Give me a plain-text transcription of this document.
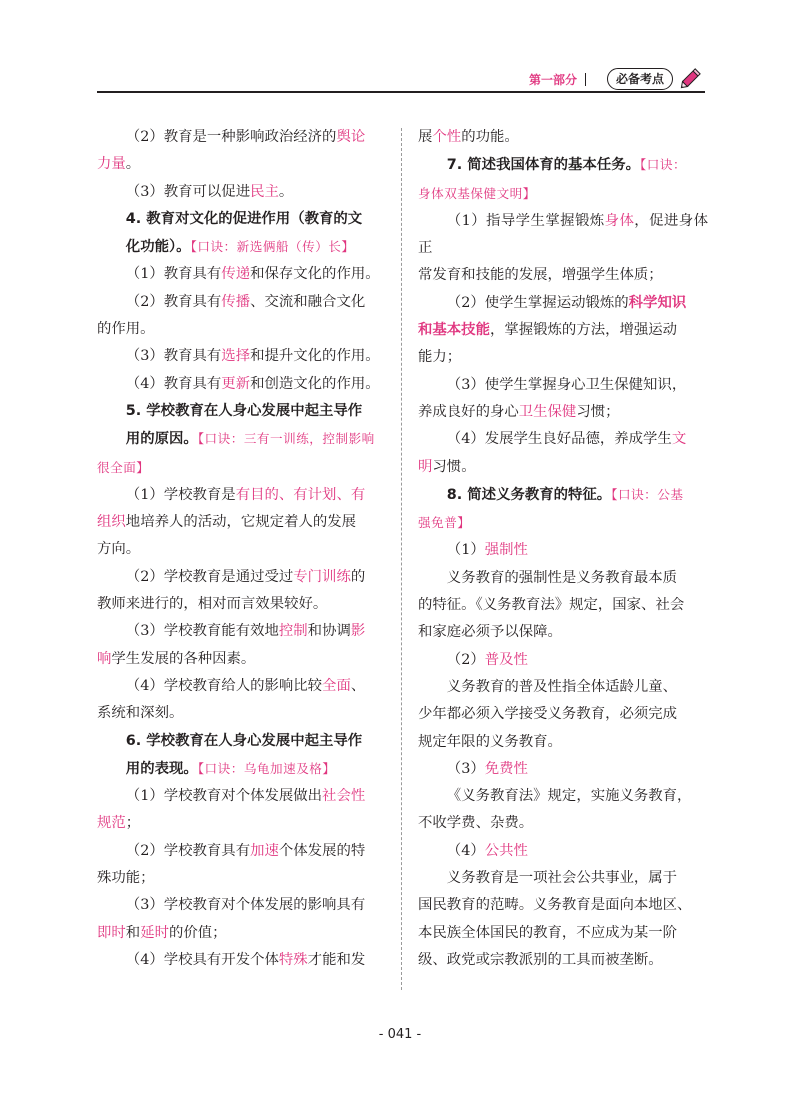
第一部分	必备考点

（2）教育是一种影响政治经济的舆论

力量。

（3）教育可以促进民主。

4. 教育对文化的促进作用（教育的文

化功能）。【口诀：新选俩船（传）长】

（1）教育具有传递和保存文化的作用。

（2）教育具有传播、交流和融合文化

的作用。

（3）教育具有选择和提升文化的作用。

（4）教育具有更新和创造文化的作用。

5. 学校教育在人身心发展中起主导作

用的原因。【口诀：三有一训练，控制影响

很全面】

（1）学校教育是有目的、有计划、有

组织地培养人的活动，它规定着人的发展

方向。

（2）学校教育是通过受过专门训练的

教师来进行的，相对而言效果较好。

（3）学校教育能有效地控制和协调影

响学生发展的各种因素。

（4）学校教育给人的影响比较全面、

系统和深刻。

6. 学校教育在人身心发展中起主导作

用的表现。【口诀：乌龟加速及格】

（1）学校教育对个体发展做出社会性

规范；

（2）学校教育具有加速个体发展的特

殊功能；

（3）学校教育对个体发展的影响具有

即时和延时的价值；

（4）学校具有开发个体特殊才能和发

展个性的功能。

7. 简述我国体育的基本任务。【口诀：

身体双基保健文明】

（1）指导学生掌握锻炼身体，促进身体正

常发育和技能的发展，增强学生体质；

（2）使学生掌握运动锻炼的科学知识

和基本技能，掌握锻炼的方法，增强运动

能力；

（3）使学生掌握身心卫生保健知识，

养成良好的身心卫生保健习惯；

（4）发展学生良好品德，养成学生文

明习惯。

8. 简述义务教育的特征。【口诀：公基

强免普】

（1）强制性

义务教育的强制性是义务教育最本质

的特征。《义务教育法》规定，国家、社会

和家庭必须予以保障。

（2）普及性

义务教育的普及性指全体适龄儿童、

少年都必须入学接受义务教育，必须完成

规定年限的义务教育。

（3）免费性

《义务教育法》规定，实施义务教育，

不收学费、杂费。

（4）公共性

义务教育是一项社会公共事业，属于

国民教育的范畴。义务教育是面向本地区、

本民族全体国民的教育，不应成为某一阶

级、政党或宗教派别的工具而被垄断。

- 041 -
